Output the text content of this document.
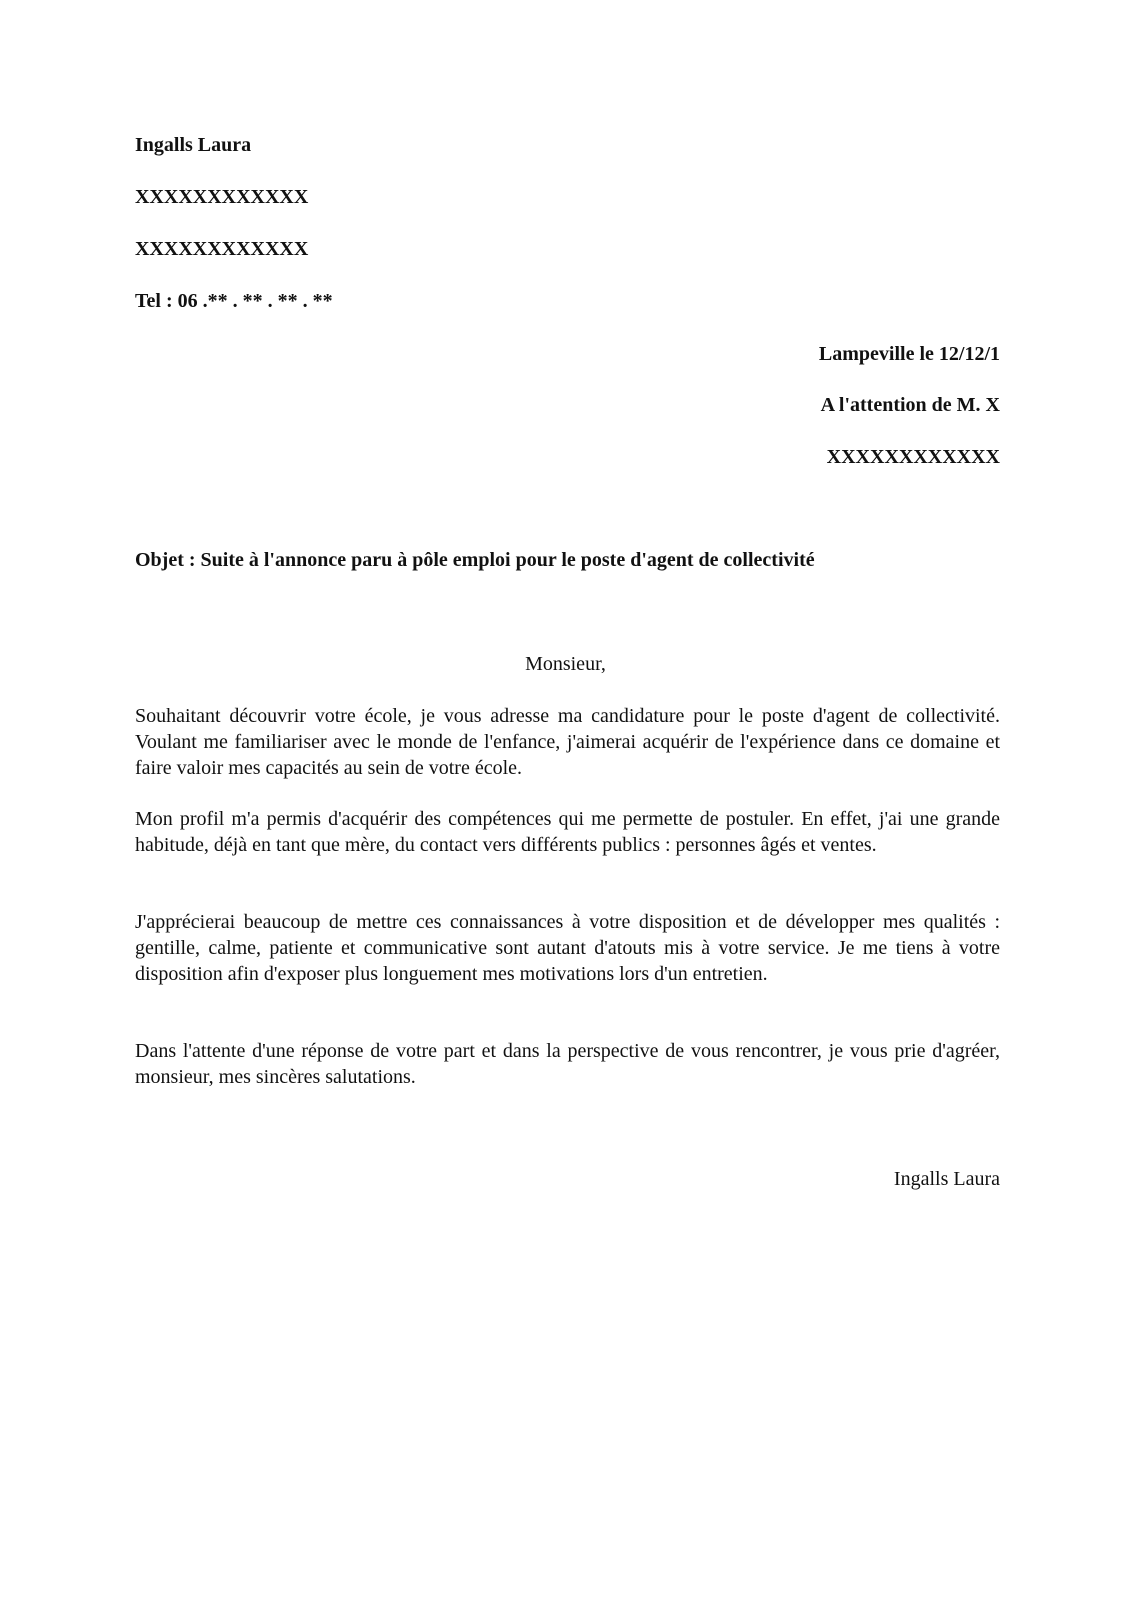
Ingalls Laura
XXXXXXXXXXXX
XXXXXXXXXXXX
Tel : 06 .** . ** . ** . **
Lampeville le 12/12/1
A l'attention de M. X
XXXXXXXXXXXX
Objet : Suite à l'annonce paru à pôle emploi pour le poste d'agent de collectivité
Monsieur,
Souhaitant découvrir votre école, je vous adresse ma candidature pour le poste d'agent de collectivité. Voulant me familiariser avec le monde de l'enfance, j'aimerai acquérir de l'expérience dans ce domaine et faire valoir mes capacités au sein de votre école.
Mon profil m'a permis d'acquérir des compétences qui me permette de postuler. En effet, j'ai une grande habitude, déjà en tant que mère, du contact vers différents publics : personnes âgés et ventes.
J'apprécierai beaucoup de mettre ces connaissances à votre disposition et de développer mes qualités : gentille, calme, patiente et communicative sont autant d'atouts mis à votre service. Je me tiens à votre disposition afin d'exposer plus longuement mes motivations lors d'un entretien.
Dans l'attente d'une réponse de votre part et dans la perspective de vous rencontrer, je vous prie d'agréer, monsieur, mes sincères salutations.
Ingalls Laura
